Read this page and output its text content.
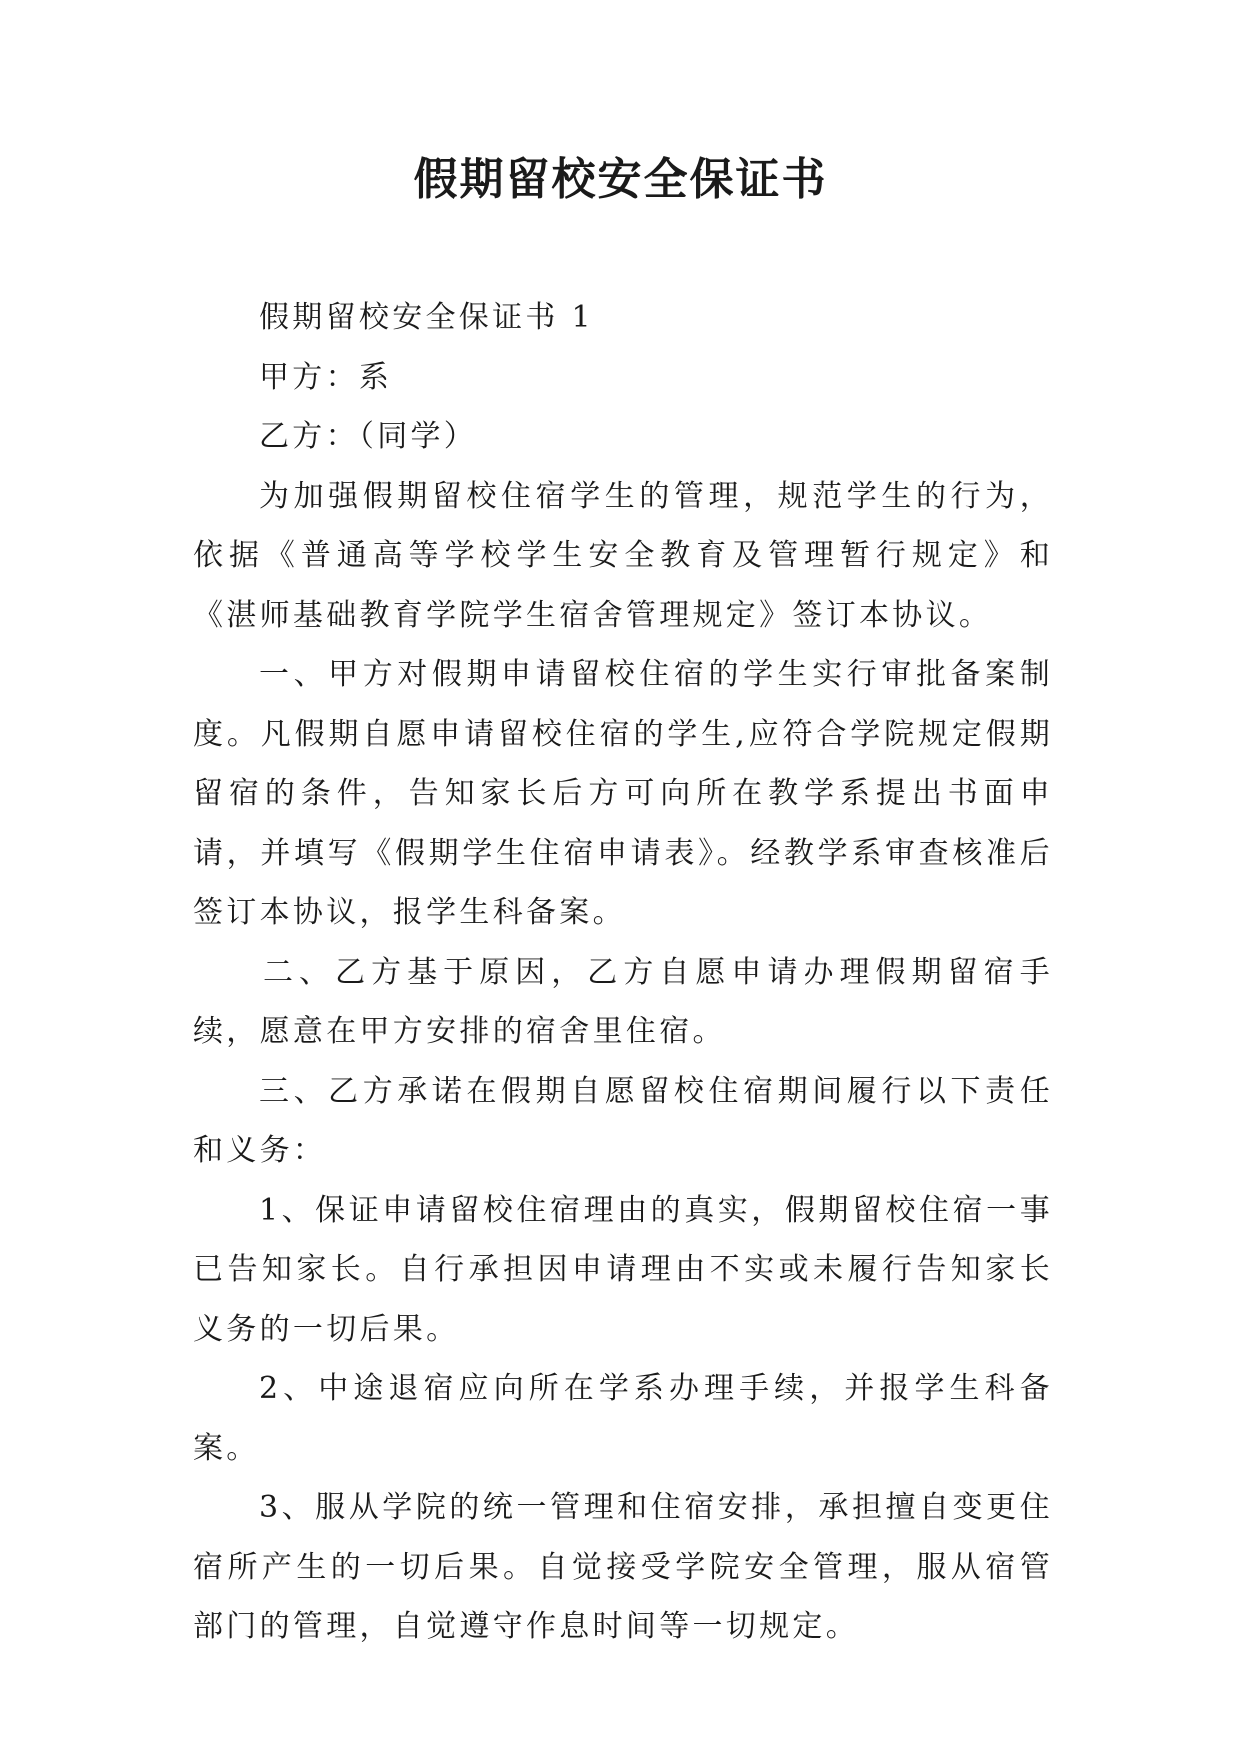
假期留校安全保证书

假期留校安全保证书 1

甲方：系

乙方：（同学）

为加强假期留校住宿学生的管理，规范学生的行为，依据《普通高等学校学生安全教育及管理暂行规定》和《湛师基础教育学院学生宿舍管理规定》签订本协议。

一、甲方对假期申请留校住宿的学生实行审批备案制度。凡假期自愿申请留校住宿的学生,应符合学院规定假期留宿的条件，告知家长后方可向所在教学系提出书面申请，并填写《假期学生住宿申请表》。经教学系审查核准后签订本协议，报学生科备案。

二、乙方基于原因，乙方自愿申请办理假期留宿手续，愿意在甲方安排的宿舍里住宿。

三、乙方承诺在假期自愿留校住宿期间履行以下责任和义务：

1、保证申请留校住宿理由的真实，假期留校住宿一事已告知家长。自行承担因申请理由不实或未履行告知家长义务的一切后果。

2、中途退宿应向所在学系办理手续，并报学生科备案。

3、服从学院的统一管理和住宿安排，承担擅自变更住宿所产生的一切后果。自觉接受学院安全管理，服从宿管部门的管理，自觉遵守作息时间等一切规定。
